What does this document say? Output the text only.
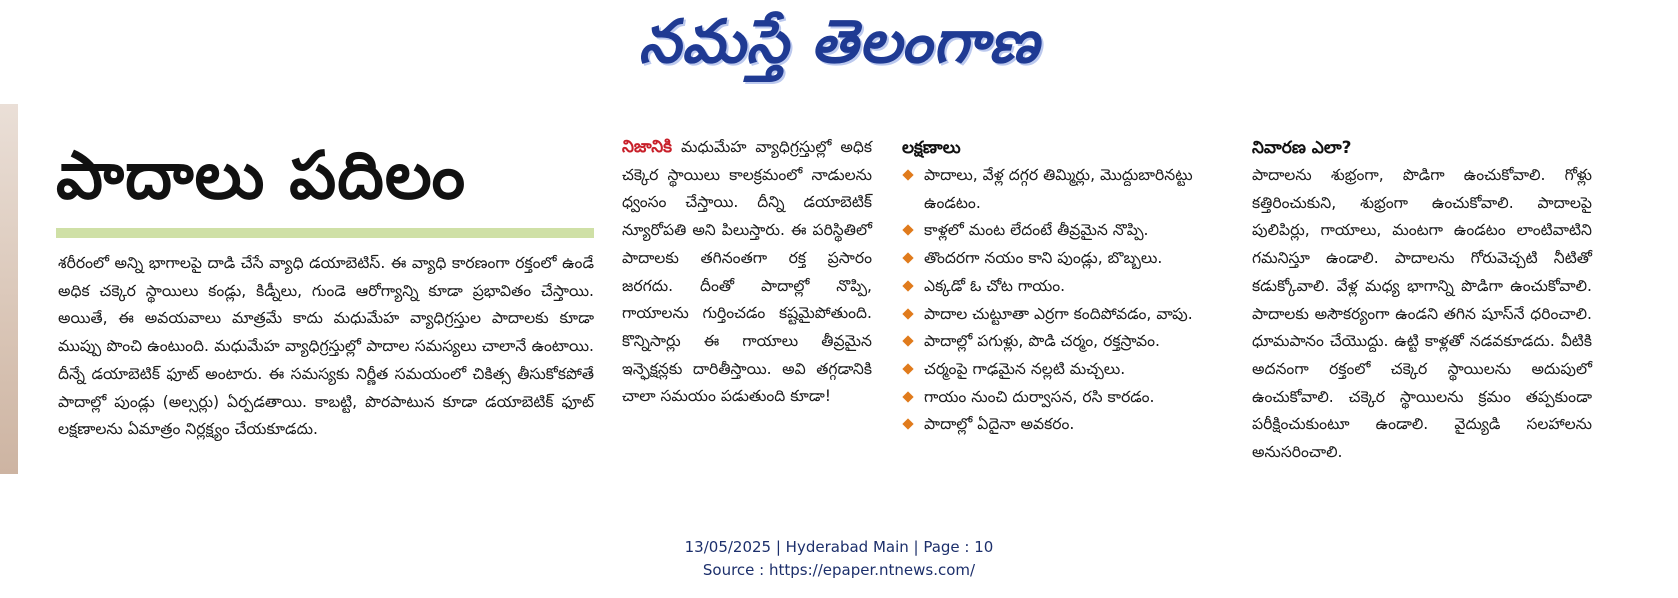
నమస్తే తెలంగాణ
పాదాలు పదిలం

శరీరంలో అన్ని భాగాలపై దాడి చేసే వ్యాధి డయాబెటిస్. ఈ వ్యాధి కారణంగా రక్తంలో ఉండే అధిక చక్కెర స్థాయిలు కండ్లు, కిడ్నీలు, గుండె ఆరోగ్యాన్ని కూడా ప్రభావితం చేస్తాయి. అయితే, ఈ అవయవాలు మాత్రమే కాదు మధుమేహ వ్యాధిగ్రస్తుల పాదాలకు కూడా ముప్పు పొంచి ఉంటుంది. మధుమేహ వ్యాధిగ్రస్తుల్లో పాదాల సమస్యలు చాలానే ఉంటాయి. దీన్నే డయాబెటిక్ ఫూట్ అంటారు. ఈ సమస్యకు నిర్ణీత సమయంలో చికిత్స తీసుకోకపోతే పాదాల్లో పుండ్లు (అల్సర్లు) ఏర్పడతాయి. కాబట్టి, పొరపాటున కూడా డయాబెటిక్ ఫూట్ లక్షణాలను ఏమాత్రం నిర్లక్ష్యం చేయకూడదు.

నిజానికి మధుమేహ వ్యాధిగ్రస్తుల్లో అధిక చక్కెర స్థాయిలు కాలక్రమంలో నాడులను ధ్వంసం చేస్తాయి. దీన్ని డయాబెటిక్ న్యూరోపతి అని పిలుస్తారు. ఈ పరిస్థితిలో పాదాలకు తగినంతగా రక్త ప్రసారం జరగదు. దీంతో పాదాల్లో నొప్పి, గాయాలను గుర్తించడం కష్టమైపోతుంది. కొన్నిసార్లు ఈ గాయాలు తీవ్రమైన ఇన్ఫెక్షన్లకు దారితీస్తాయి. అవి తగ్గడానికి చాలా సమయం పడుతుంది కూడా!

లక్షణాలు
పాదాలు, వేళ్ల దగ్గర తిమ్మిర్లు, మొద్దుబారినట్టు ఉండటం.
కాళ్లలో మంట లేదంటే తీవ్రమైన నొప్పి.
తొందరగా నయం కాని పుండ్లు, బొబ్బలు.
ఎక్కడో ఓ చోట గాయం.
పాదాల చుట్టూతా ఎర్రగా కందిపోవడం, వాపు.
పాదాల్లో పగుళ్లు, పొడి చర్మం, రక్తస్రావం.
చర్మంపై గాఢమైన నల్లటి మచ్చలు.
గాయం నుంచి దుర్వాసన, రసి కారడం.
పాదాల్లో ఏదైనా అవకరం.
నివారణ ఎలా?

పాదాలను శుభ్రంగా, పొడిగా ఉంచుకోవాలి. గోళ్లు కత్తిరించుకుని, శుభ్రంగా ఉంచుకోవాలి. పాదాలపై పులిపిర్లు, గాయాలు, మంటగా ఉండటం లాంటివాటిని గమనిస్తూ ఉండాలి. పాదాలను గోరువెచ్చటి నీటితో కడుక్కోవాలి. వేళ్ల మధ్య భాగాన్ని పొడిగా ఉంచుకోవాలి. పాదాలకు అసౌకర్యంగా ఉండని తగిన షూస్‌నే ధరించాలి. ధూమపానం చేయొద్దు. ఉట్టి కాళ్లతో నడవకూడదు. వీటికి అదనంగా రక్తంలో చక్కెర స్థాయిలను అదుపులో ఉంచుకోవాలి. చక్కెర స్థాయిలను క్రమం తప్పకుండా పరీక్షించుకుంటూ ఉండాలి. వైద్యుడి సలహాలను అనుసరించాలి.

13/05/2025 | Hyderabad Main | Page : 10
Source : https://epaper.ntnews.com/
